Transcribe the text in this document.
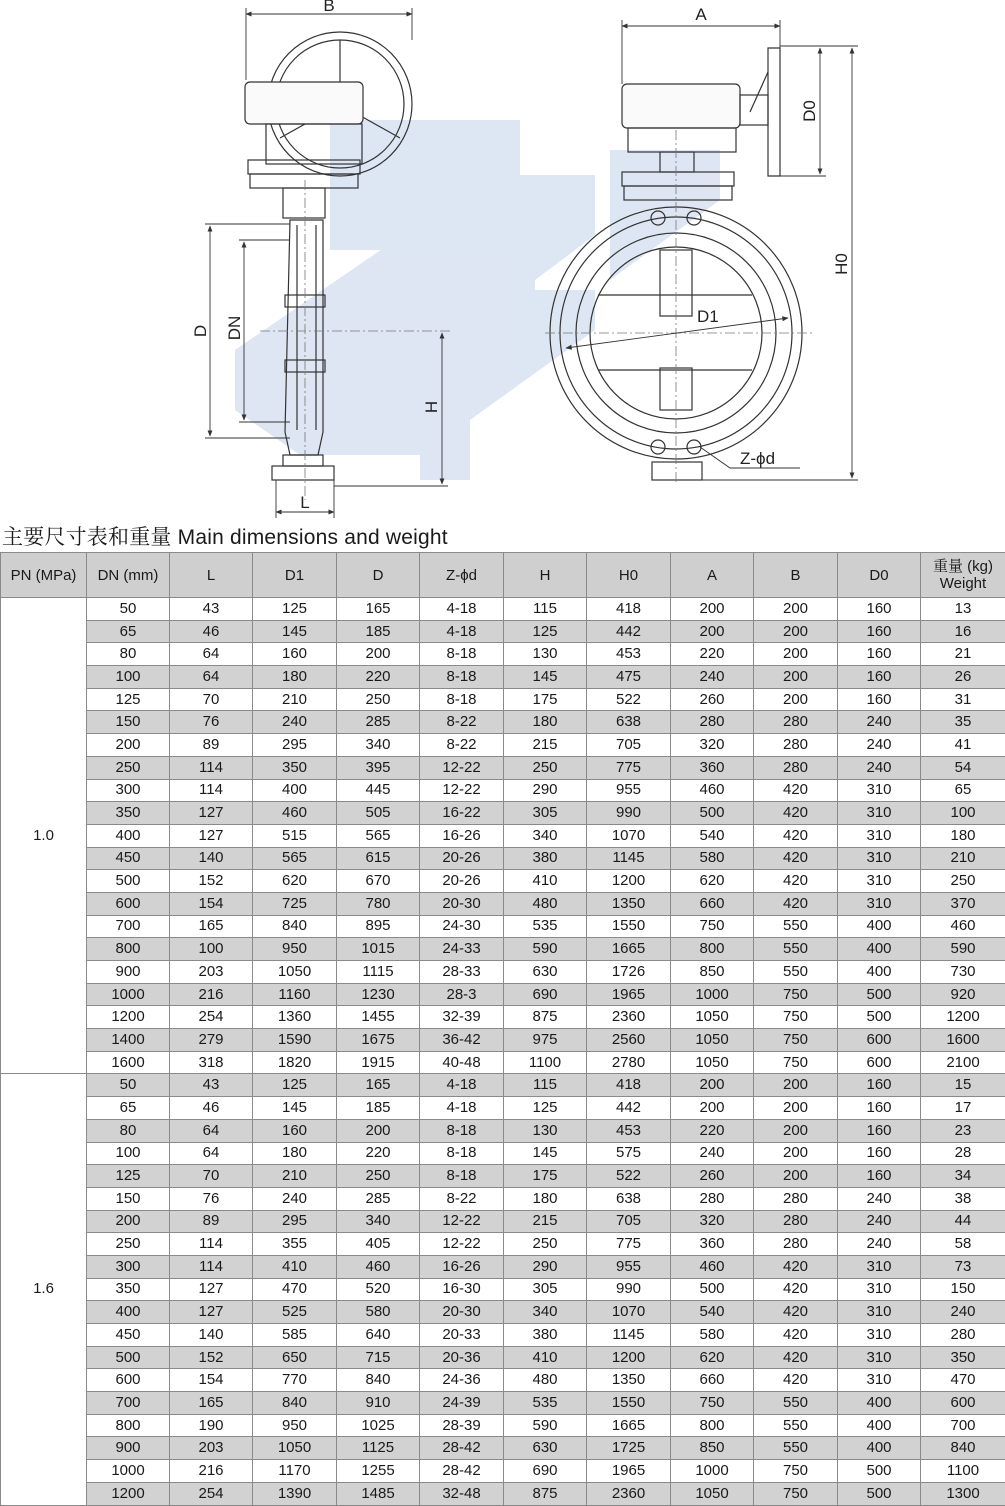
B	A
D DN
H
L
D0
H0
D1
Z-ϕd
主要尺寸表和重量 Main dimensions and weight
PN (MPa)	DN (mm)	L	D1	D	Z-ϕd	H	H0	A	B	D0	重量 (kg)
Weight
1.0	50	43	125	165	4-18	115	418	200	200	160	13
	65	46	145	185	4-18	125	442	200	200	160	16
	80	64	160	200	8-18	130	453	220	200	160	21
	100	64	180	220	8-18	145	475	240	200	160	26
	125	70	210	250	8-18	175	522	260	200	160	31
	150	76	240	285	8-22	180	638	280	280	240	35
	200	89	295	340	8-22	215	705	320	280	240	41
	250	114	350	395	12-22	250	775	360	280	240	54
	300	114	400	445	12-22	290	955	460	420	310	65
	350	127	460	505	16-22	305	990	500	420	310	100
	400	127	515	565	16-26	340	1070	540	420	310	180
	450	140	565	615	20-26	380	1145	580	420	310	210
	500	152	620	670	20-26	410	1200	620	420	310	250
	600	154	725	780	20-30	480	1350	660	420	310	370
	700	165	840	895	24-30	535	1550	750	550	400	460
	800	100	950	1015	24-33	590	1665	800	550	400	590
	900	203	1050	1115	28-33	630	1726	850	550	400	730
	1000	216	1160	1230	28-3	690	1965	1000	750	500	920
	1200	254	1360	1455	32-39	875	2360	1050	750	500	1200
	1400	279	1590	1675	36-42	975	2560	1050	750	600	1600
	1600	318	1820	1915	40-48	1100	2780	1050	750	600	2100
1.6	50	43	125	165	4-18	115	418	200	200	160	15
	65	46	145	185	4-18	125	442	200	200	160	17
	80	64	160	200	8-18	130	453	220	200	160	23
	100	64	180	220	8-18	145	575	240	200	160	28
	125	70	210	250	8-18	175	522	260	200	160	34
	150	76	240	285	8-22	180	638	280	280	240	38
	200	89	295	340	12-22	215	705	320	280	240	44
	250	114	355	405	12-22	250	775	360	280	240	58
	300	114	410	460	16-26	290	955	460	420	310	73
	350	127	470	520	16-30	305	990	500	420	310	150
	400	127	525	580	20-30	340	1070	540	420	310	240
	450	140	585	640	20-33	380	1145	580	420	310	280
	500	152	650	715	20-36	410	1200	620	420	310	350
	600	154	770	840	24-36	480	1350	660	420	310	470
	700	165	840	910	24-39	535	1550	750	550	400	600
	800	190	950	1025	28-39	590	1665	800	550	400	700
	900	203	1050	1125	28-42	630	1725	850	550	400	840
	1000	216	1170	1255	28-42	690	1965	1000	750	500	1100
	1200	254	1390	1485	32-48	875	2360	1050	750	500	1300
